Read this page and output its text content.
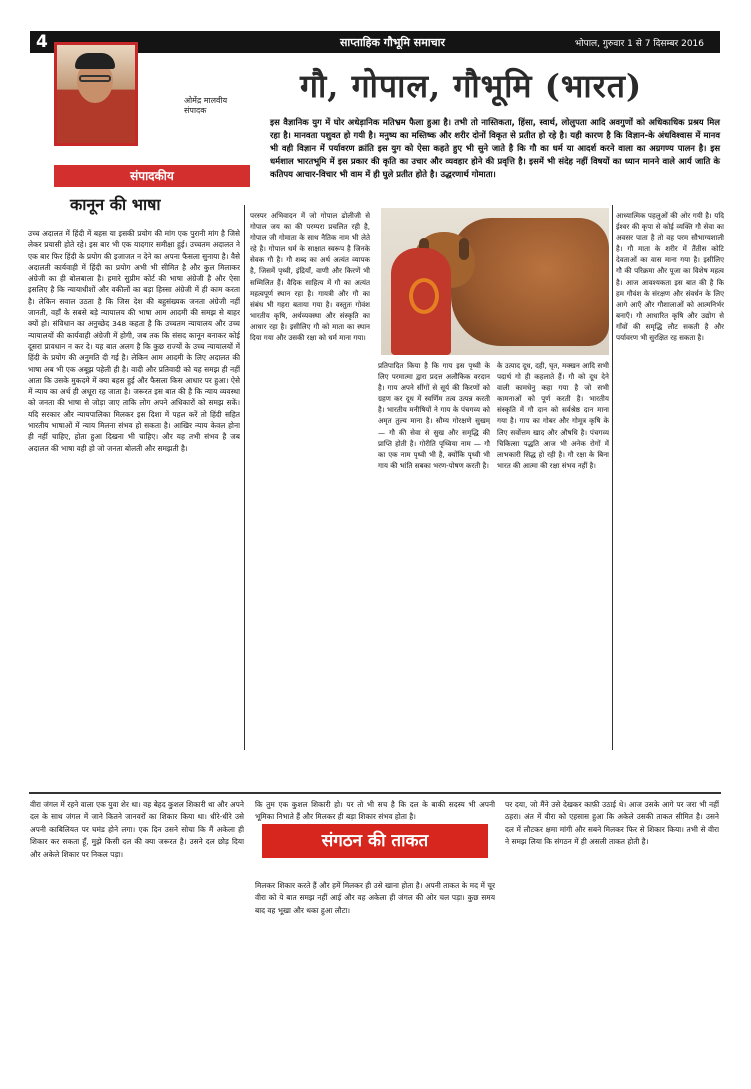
4	साप्ताहिक गौभूमि समाचार	भोपाल, गुरुवार 1 से 7 दिसम्बर 2016
ओमेंद्र मालवीय
संपादक
गौ, गोपाल, गौभूमि (भारत)
इस वैज्ञानिक युग में घोर अधेड़ानिक मतिभ्रम फैला हुआ है। तभी तो नास्तिकता, हिंसा, स्वार्थ, लोलुपता आदि अवगुणों को अधिकाधिक प्रश्रय मिल रहा है। मानवता पशुवत हो गयी है। मनुष्य का मस्तिष्क और शरीर दोनों विकृत से प्रतीत हो रहे है। यही कारण है कि विज्ञान-के अंधविश्वास में मानव भी वही विज्ञान में पर्यावरण क्रांति इस युग को ऐसा कहते हुए भी सुने जाते है कि गौ का धर्म या आदर्श करने वाला का अग्रगण्य पालन है। इस धर्मशाल भारतभूमि में इस प्रकार की कृति का उचार और व्यवहार होने की प्रवृत्ति है। इसमें भी संदेह नहीं विषयों का ध्यान मानने वाले आर्य जाति के कतिपय आचार-विचार भी वाम में ही घुले प्रतीत होते है। उद्धरणार्थ गोमाता।
संपादकीय
कानून की भाषा
उच्च अदालत में हिंदी में बहस या इसकी प्रयोग की मांग एक पुरानी मांग है जिसे लेकर प्रयासी होते रहे। इस बार भी एक यादगार समीक्षा हुई। उच्चतम अदालत ने एक बार फिर हिंदी के प्रयोग की इजाजत न देने का अपना फैसला सुनाया है। वैसे अदालती कार्यवाही में हिंदी का प्रयोग अभी भी सीमित है और कुल मिलाकर अंग्रेजी का ही बोलबाला है। हमारे सुप्रीम कोर्ट की भाषा अंग्रेजी है और ऐसा इसलिए है कि न्यायाधीशों और वकीलों का बड़ा हिस्सा अंग्रेजी में ही काम करता है। लेकिन सवाल उठता है कि जिस देश की बहुसंख्यक जनता अंग्रेजी नहीं जानती, वहाँ के सबसे बड़े न्यायालय की भाषा आम आदमी की समझ से बाहर क्यों हो। संविधान का अनुच्छेद 348 कहता है कि उच्चतम न्यायालय और उच्च न्यायालयों की कार्यवाही अंग्रेजी में होगी, जब तक कि संसद कानून बनाकर कोई दूसरा प्रावधान न कर दे। यह बात अलग है कि कुछ राज्यों के उच्च न्यायालयों में हिंदी के प्रयोग की अनुमति दी गई है। लेकिन आम आदमी के लिए अदालत की भाषा अब भी एक अबूझ पहेली ही है। वादी और प्रतिवादी को यह समझ ही नहीं आता कि उसके मुकदमे में क्या बहस हुई और फैसला किस आधार पर हुआ। ऐसे में न्याय का अर्थ ही अधूरा रह जाता है। जरूरत इस बात की है कि न्याय व्यवस्था को जनता की भाषा से जोड़ा जाए ताकि लोग अपने अधिकारों को समझ सकें। यदि सरकार और न्यायपालिका मिलकर इस दिशा में पहल करें तो हिंदी सहित भारतीय भाषाओं में न्याय मिलना संभव हो सकता है। आखिर न्याय केवल होना ही नहीं चाहिए, होता हुआ दिखना भी चाहिए। और यह तभी संभव है जब अदालत की भाषा वही हो जो जनता बोलती और समझती है।
परस्पर अभिवादन में जो गोपाल ढोलीजी से गोपाल जय का की परम्परा प्रचलित रही है, गोपाल जी गोमाता के साथ नैतिक नाम भी लेते रहे है। गोपाल धर्म के साक्षात स्वरूप है जिनके सेवक गौ है। गौ शब्द का अर्थ अत्यंत व्यापक है, जिसमें पृथ्वी, इंद्रियाँ, वाणी और किरणें भी सम्मिलित हैं। वैदिक साहित्य में गौ का अत्यंत महत्वपूर्ण स्थान रहा है। गायत्री और गौ का संबंध भी गहरा बताया गया है। वस्तुतः गोवंश भारतीय कृषि, अर्थव्यवस्था और संस्कृति का आधार रहा है। इसीलिए गौ को माता का स्थान दिया गया और उसकी रक्षा को धर्म माना गया।
प्रतिपादित किया है कि गाय इस पृथ्वी के लिए परमात्मा द्वारा प्रदत्त अलौकिक वरदान है। गाय अपने सींगों से सूर्य की किरणों को ग्रहण कर दूध में स्वर्णिम तत्व उत्पन्न करती है। भारतीय मनीषियों ने गाय के पंचगव्य को अमृत तुल्य माना है। सौम्य गोरक्षणे सुखम् — गौ की सेवा से सुख और समृद्धि की प्राप्ति होती है। गोरीति पृथ्विया नाम — गौ का एक नाम पृथ्वी भी है, क्योंकि पृथ्वी भी गाय की भांति सबका भरण-पोषण करती है।
के उत्पाद दूध, दही, घृत, मक्खन आदि सभी पदार्थ गो ही कहलाते हैं। गौ को दूध देने वाली कामधेनु कहा गया है जो सभी कामनाओं को पूर्ण करती है। भारतीय संस्कृति में गौ दान को सर्वश्रेष्ठ दान माना गया है। गाय का गोबर और गोमूत्र कृषि के लिए सर्वोत्तम खाद और औषधि है। पंचगव्य चिकित्सा पद्धति आज भी अनेक रोगों में लाभकारी सिद्ध हो रही है। गौ रक्षा के बिना भारत की आत्मा की रक्षा संभव नहीं है।
आध्यात्मिक पहलुओं की ओर गयी है। यदि ईश्वर की कृपा से कोई व्यक्ति गौ सेवा का अवसर पाता है तो वह परम सौभाग्यशाली है। गौ माता के शरीर में तैंतीस कोटि देवताओं का वास माना गया है। इसीलिए गौ की परिक्रमा और पूजा का विशेष महत्व है। आज आवश्यकता इस बात की है कि हम गौवंश के संरक्षण और संवर्धन के लिए आगे आएँ और गौशालाओं को आत्मनिर्भर बनाएँ। गौ आधारित कृषि और उद्योग से गाँवों की समृद्धि लौट सकती है और पर्यावरण भी सुरक्षित रह सकता है।
वीरा जंगल में रहने वाला एक युवा शेर था। वह बेहद कुशल शिकारी था और अपने दल के साथ जंगल में जाने कितने जानवरों का शिकार किया था। धीरे-धीरे उसे अपनी काबिलियत पर घमंड होने लगा। एक दिन उसने सोचा कि मैं अकेला ही शिकार कर सकता हूँ, मुझे किसी दल की क्या जरूरत है। उसने दल छोड़ दिया और अकेले शिकार पर निकल पड़ा।
कि तुम एक कुशल शिकारी हो। पर तो भी सच है कि दल के बाकी सदस्य भी अपनी भूमिका निभाते हैं और मिलकर ही बड़ा शिकार संभव होता है।
संगठन की ताकत
मिलकर शिकार करते हैं और हमें मिलकर ही उसे खाना होता है। अपनी ताकत के मद में चूर वीरा को ये बात समझ नहीं आई और वह अकेला ही जंगल की ओर चल पड़ा। कुछ समय बाद वह भूखा और थका हुआ लौटा।
पर दया, जो मैंने उसे देखकर काफ़ी उठाई थे। आज उसके आगे पर जरा भी नहीं ठहरा। अंत में वीरा को एहसास हुआ कि अकेले उसकी ताकत सीमित है। उसने दल में लौटकर क्षमा मांगी और सबने मिलकर फिर से शिकार किया। तभी से वीरा ने समझ लिया कि संगठन में ही असली ताकत होती है।
